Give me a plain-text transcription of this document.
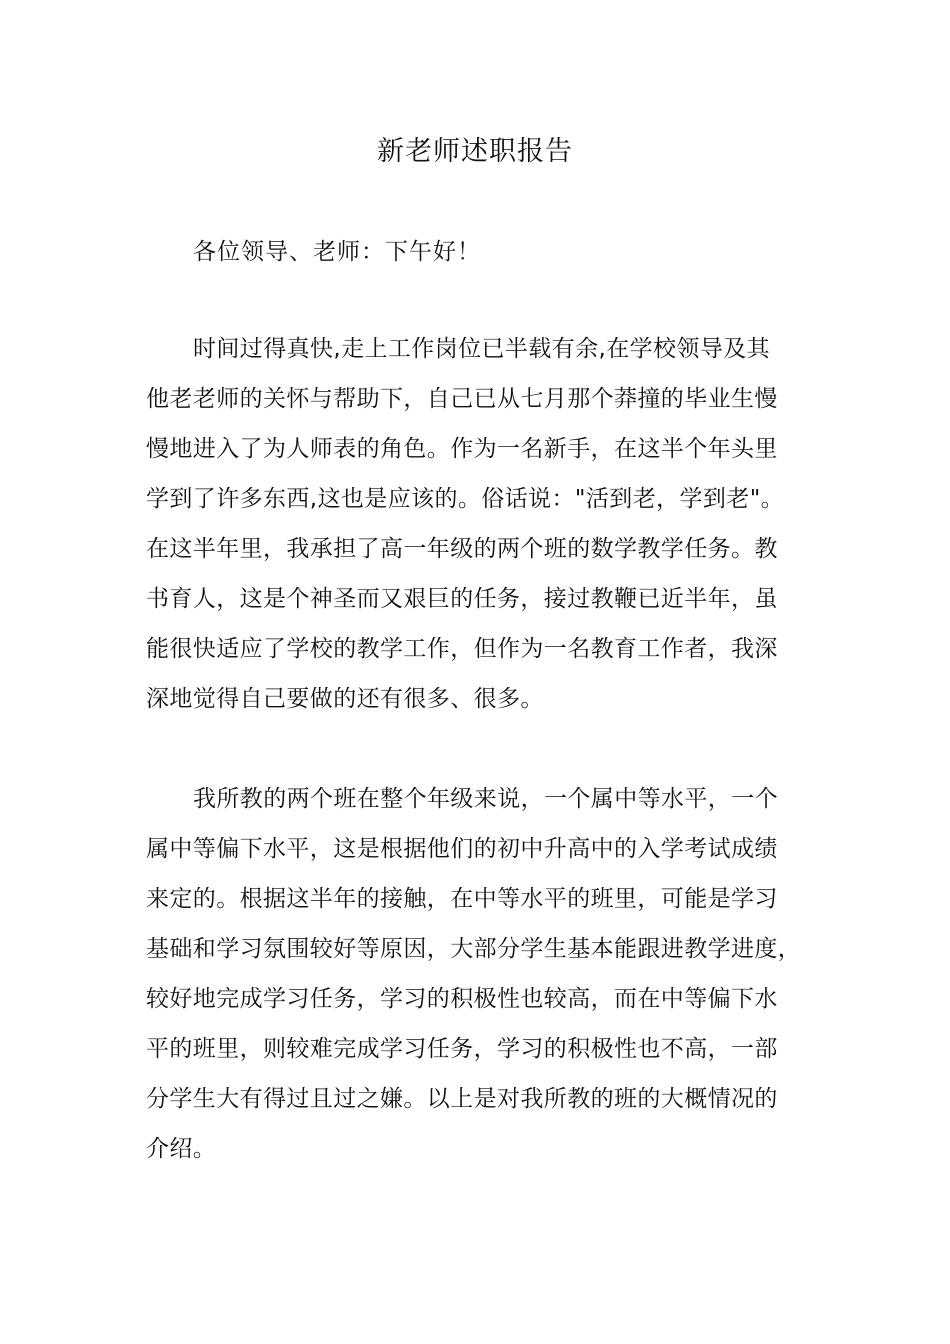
新老师述职报告
各位领导、老师：下午好！
时间过得真快,走上工作岗位已半载有余,在学校领导及其
他老老师的关怀与帮助下，自己已从七月那个莽撞的毕业生慢
慢地进入了为人师表的角色。作为一名新手，在这半个年头里
学到了许多东西,这也是应该的。俗话说："活到老，学到老"。
在这半年里，我承担了高一年级的两个班的数学教学任务。教
书育人，这是个神圣而又艰巨的任务，接过教鞭已近半年，虽
能很快适应了学校的教学工作，但作为一名教育工作者，我深
深地觉得自己要做的还有很多、很多。
我所教的两个班在整个年级来说，一个属中等水平，一个
属中等偏下水平，这是根据他们的初中升高中的入学考试成绩
来定的。根据这半年的接触，在中等水平的班里，可能是学习
基础和学习氛围较好等原因，大部分学生基本能跟进教学进度，
较好地完成学习任务，学习的积极性也较高，而在中等偏下水
平的班里，则较难完成学习任务，学习的积极性也不高，一部
分学生大有得过且过之嫌。以上是对我所教的班的大概情况的
介绍。
